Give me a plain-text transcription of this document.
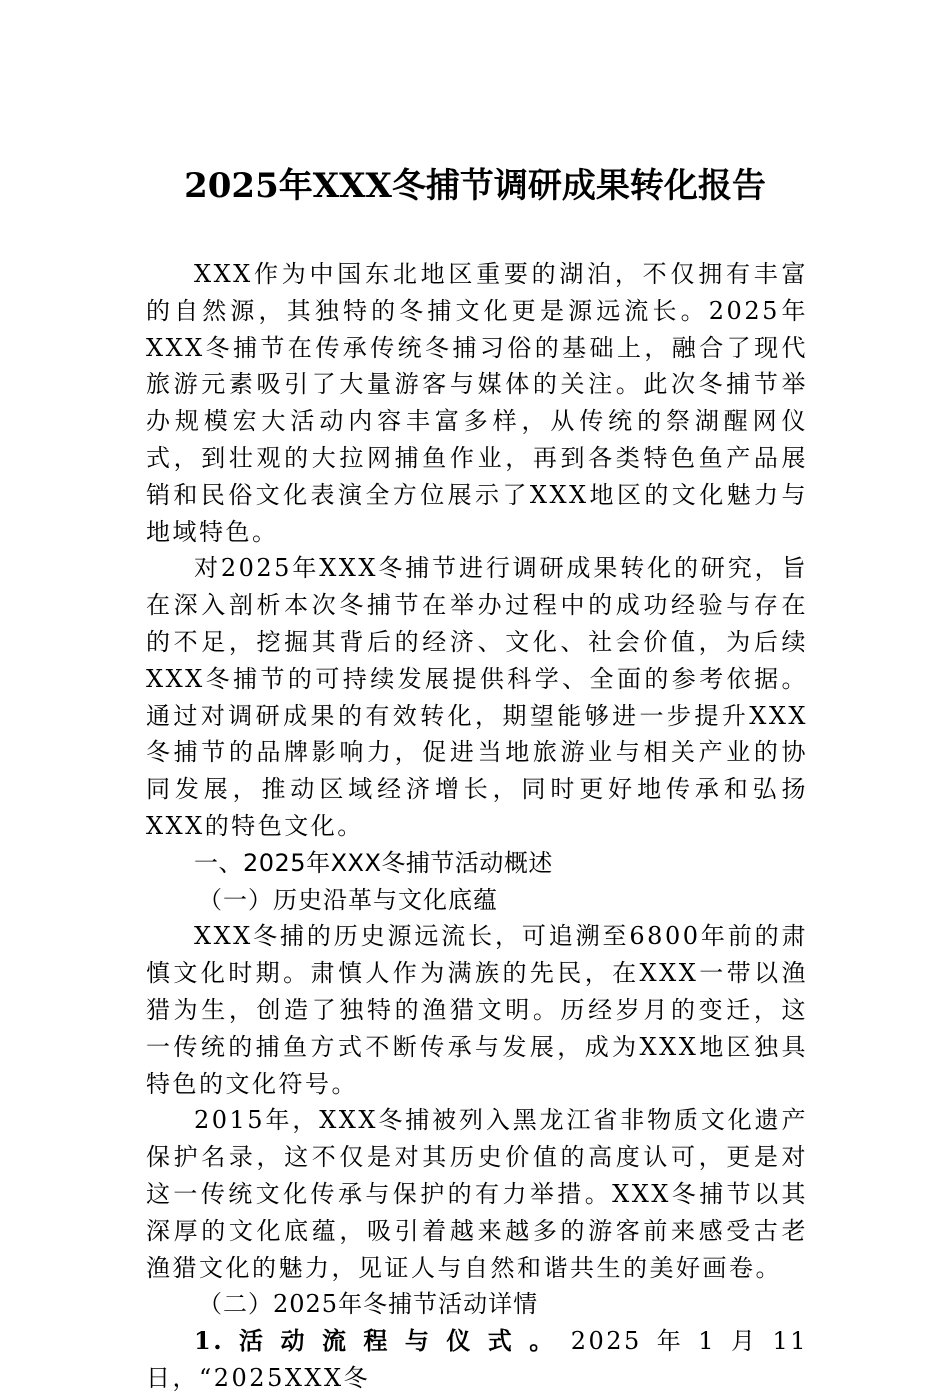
2025年XXX冬捕节调研成果转化报告

XXX作为中国东北地区重要的湖泊，不仅拥有丰富的自然源，其独特的冬捕文化更是源远流长。2025年XXX冬捕节在传承传统冬捕习俗的基础上，融合了现代旅游元素吸引了大量游客与媒体的关注。此次冬捕节举办规模宏大活动内容丰富多样，从传统的祭湖醒网仪式，到壮观的大拉网捕鱼作业，再到各类特色鱼产品展销和民俗文化表演全方位展示了XXX地区的文化魅力与地域特色。

对2025年XXX冬捕节进行调研成果转化的研究，旨在深入剖析本次冬捕节在举办过程中的成功经验与存在的不足，挖掘其背后的经济、文化、社会价值，为后续XXX冬捕节的可持续发展提供科学、全面的参考依据。通过对调研成果的有效转化，期望能够进一步提升XXX冬捕节的品牌影响力，促进当地旅游业与相关产业的协同发展，推动区域经济增长，同时更好地传承和弘扬XXX的特色文化。

一、2025年XXX冬捕节活动概述

（一）历史沿革与文化底蕴

XXX冬捕的历史源远流长，可追溯至6800年前的肃慎文化时期。肃慎人作为满族的先民，在XXX一带以渔猎为生，创造了独特的渔猎文明。历经岁月的变迁，这一传统的捕鱼方式不断传承与发展，成为XXX地区独具特色的文化符号。

2015年，XXX冬捕被列入黑龙江省非物质文化遗产保护名录，这不仅是对其历史价值的高度认可，更是对这一传统文化传承与保护的有力举措。XXX冬捕节以其深厚的文化底蕴，吸引着越来越多的游客前来感受古老渔猎文化的魅力，见证人与自然和谐共生的美好画卷。

（二）2025年冬捕节活动详情

1.活动流程与仪式。2025年1月11日，“2025XXX冬
